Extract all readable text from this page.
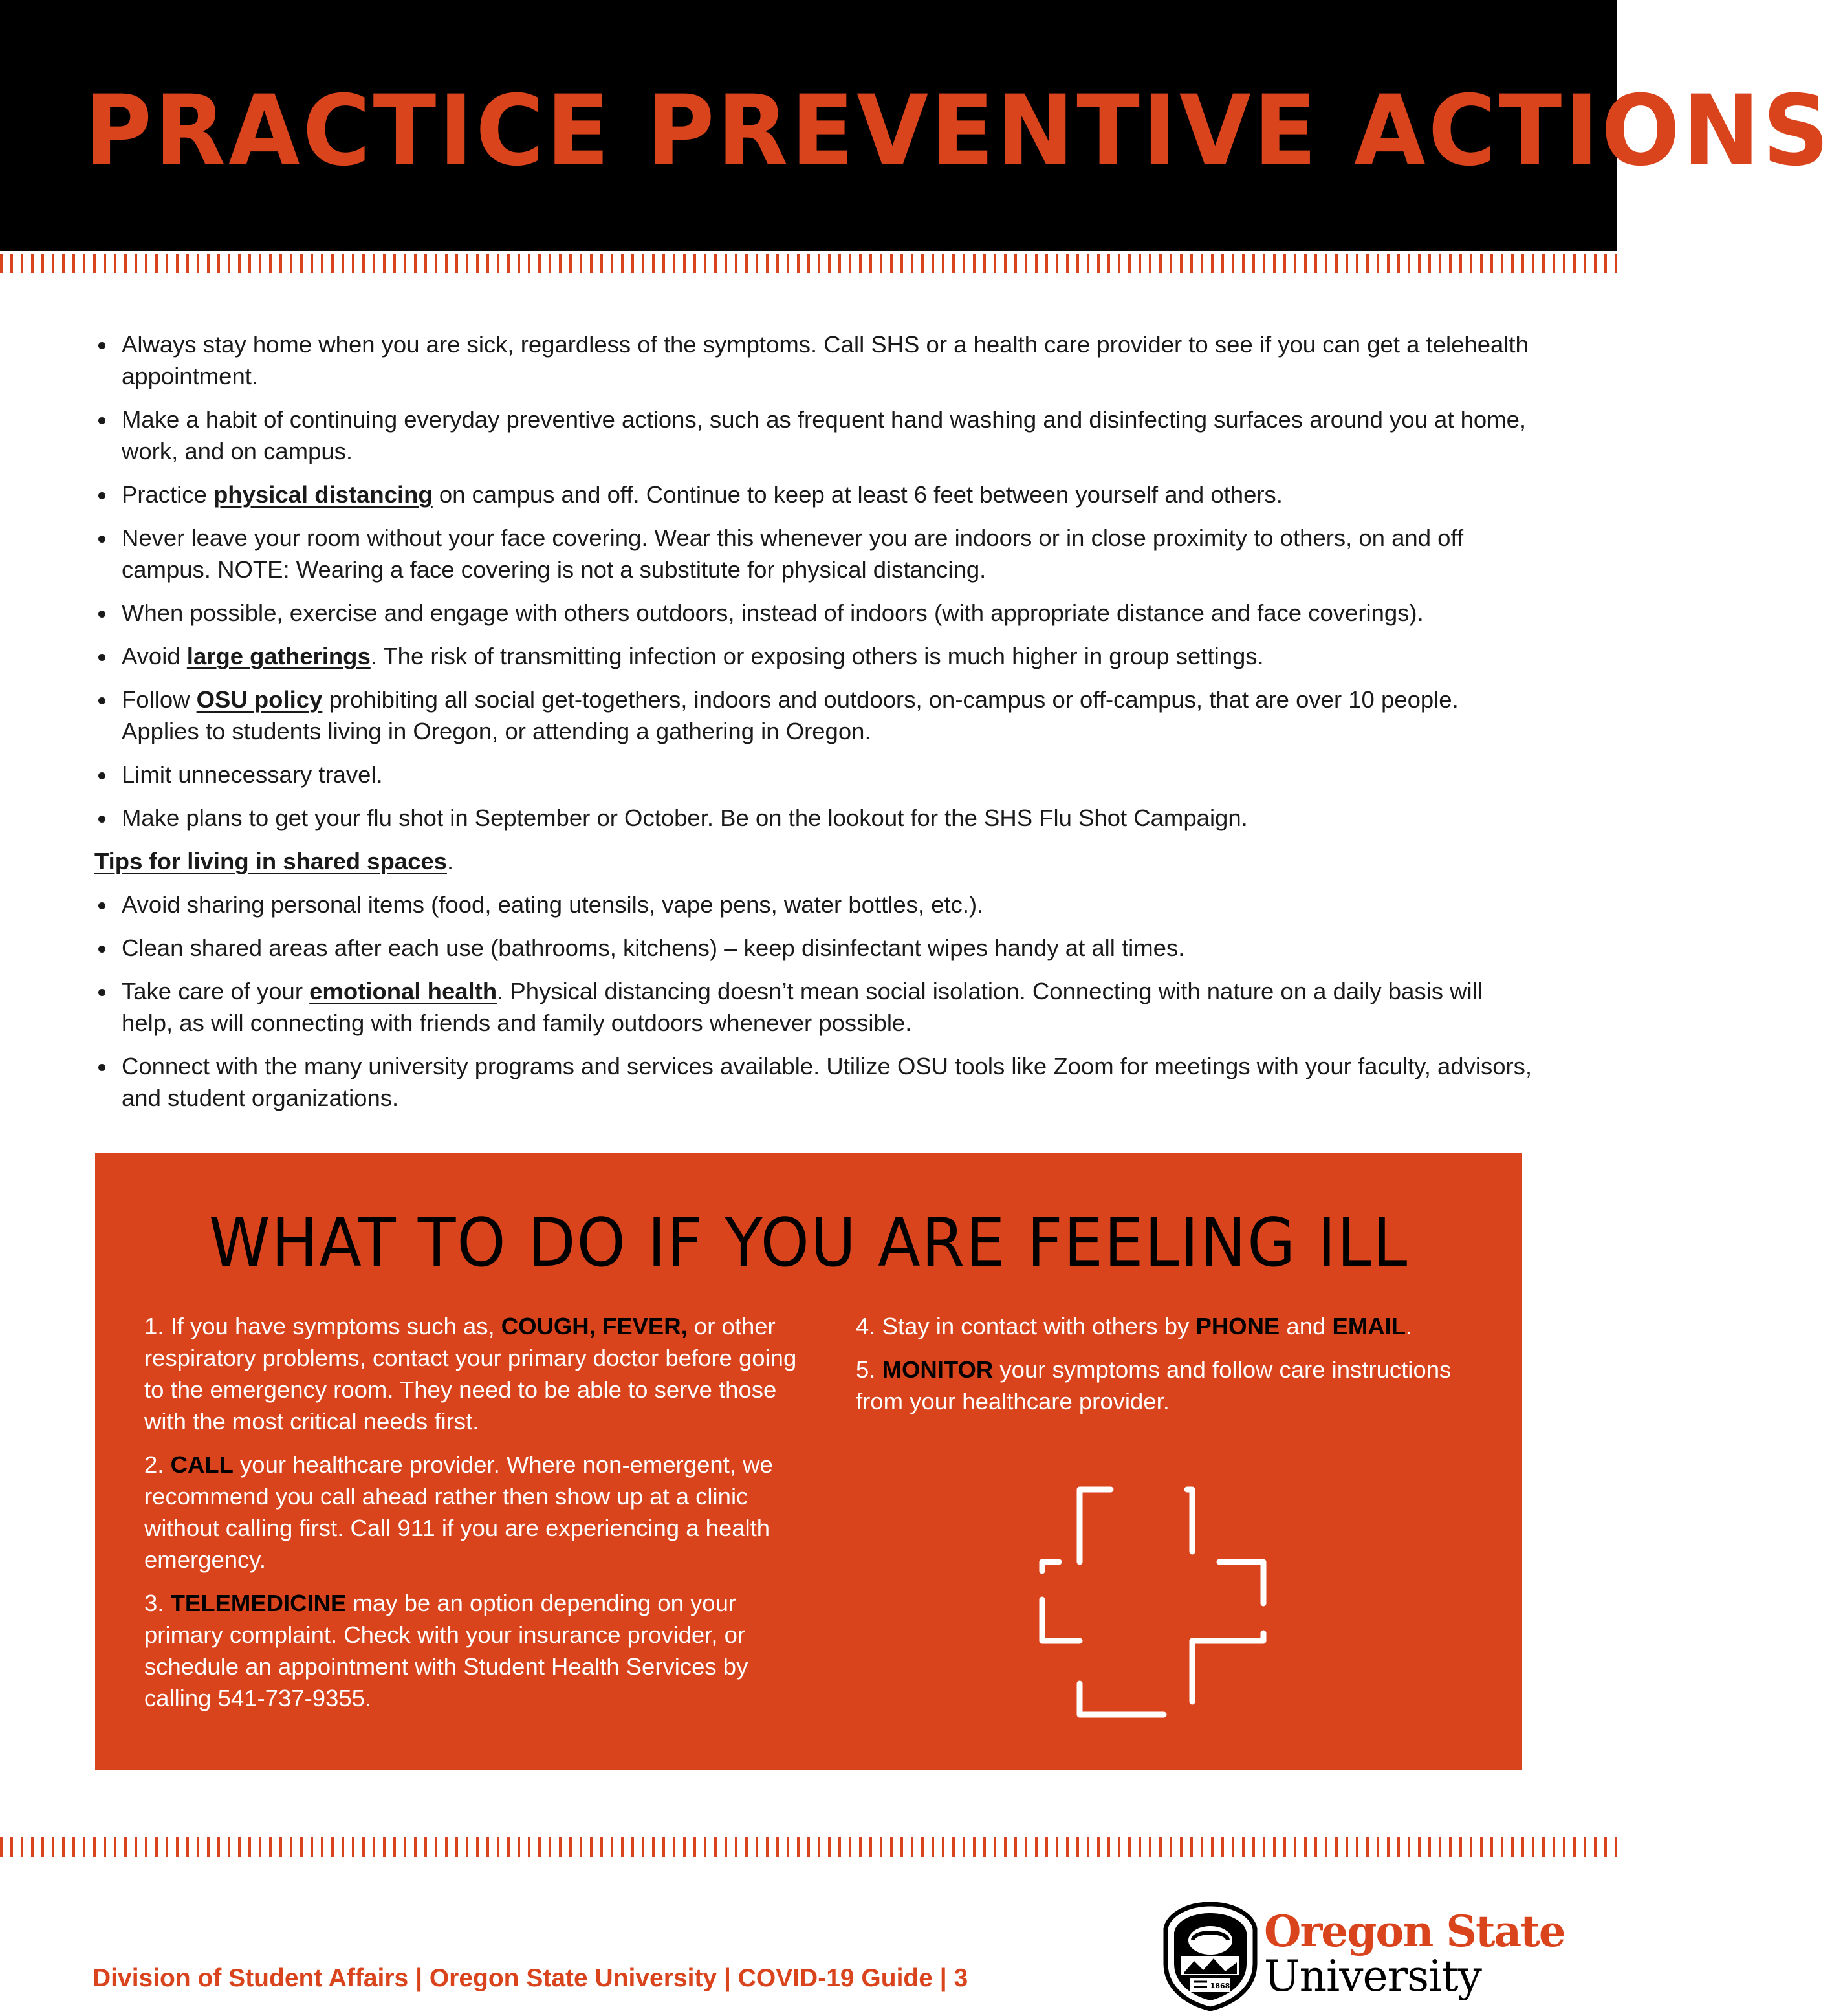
PRACTICE PREVENTIVE ACTIONS
Always stay home when you are sick, regardless of the symptoms. Call SHS or a health care provider to see if you can get a telehealth appointment.
Make a habit of continuing everyday preventive actions, such as frequent hand washing and disinfecting surfaces around you at home, work, and on campus.
Practice physical distancing on campus and off. Continue to keep at least 6 feet between yourself and others.
Never leave your room without your face covering. Wear this whenever you are indoors or in close proximity to others, on and off campus. NOTE: Wearing a face covering is not a substitute for physical distancing.
When possible, exercise and engage with others outdoors, instead of indoors (with appropriate distance and face coverings).
Avoid large gatherings. The risk of transmitting infection or exposing others is much higher in group settings.
Follow OSU policy prohibiting all social get-togethers, indoors and outdoors, on-campus or off-campus, that are over 10 people. Applies to students living in Oregon, or attending a gathering in Oregon.
Limit unnecessary travel.
Make plans to get your flu shot in September or October. Be on the lookout for the SHS Flu Shot Campaign.

Tips for living in shared spaces.

Avoid sharing personal items (food, eating utensils, vape pens, water bottles, etc.).
Clean shared areas after each use (bathrooms, kitchens) – keep disinfectant wipes handy at all times.
Take care of your emotional health. Physical distancing doesn’t mean social isolation. Connecting with nature on a daily basis will help, as will connecting with friends and family outdoors whenever possible.
Connect with the many university programs and services available. Utilize OSU tools like Zoom for meetings with your faculty, advisors, and student organizations.
WHAT TO DO IF YOU ARE FEELING ILL

1. If you have symptoms such as, COUGH, FEVER, or other respiratory problems, contact your primary doctor before going to the emergency room. They need to be able to serve those with the most critical needs first.

2. CALL your healthcare provider. Where non-emergent, we recommend you call ahead rather then show up at a clinic without calling first. Call 911 if you are experiencing a health emergency.

3. TELEMEDICINE may be an option depending on your primary complaint. Check with your insurance provider, or schedule an appointment with Student Health Services by calling 541-737-9355.

4. Stay in contact with others by PHONE and EMAIL.

5. MONITOR your symptoms and follow care instructions from your healthcare provider.

Division of Student Affairs | Oregon State University | COVID-19 Guide | 3	1868

Oregon State

University
